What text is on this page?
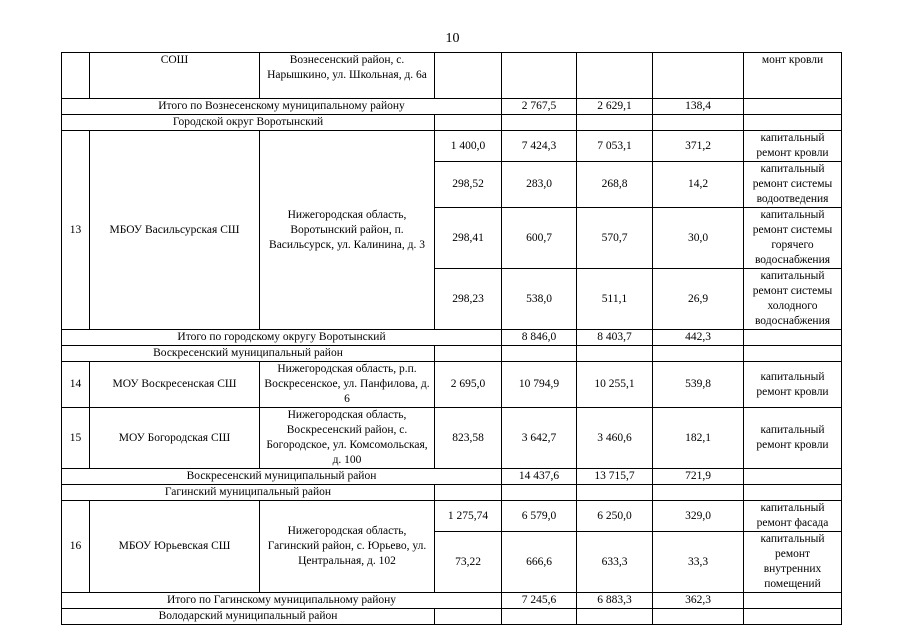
10
	СОШ	Вознесенский район, с. Нарышкино, ул. Школьная, д. 6а					монт кровли
Итого по Вознесенскому муниципальному району				2 767,5	2 629,1	138,4	
Городской округ Воротынский							
13	МБОУ Васильсурская СШ	Нижегородская область, Воротынский район, п. Васильсурск, ул. Калинина, д. 3	1 400,0	7 424,3	7 053,1	371,2	капитальный ремонт кровли
			298,52	283,0	268,8	14,2	капитальный ремонт системы водоотведения
			298,41	600,7	570,7	30,0	капитальный ремонт системы горячего водоснабжения
			298,23	538,0	511,1	26,9	капитальный ремонт системы холодного водоснабжения
Итого по городскому округу Воротынский				8 846,0	8 403,7	442,3	
Воскресенский муниципальный район							
14	МОУ Воскресенская СШ	Нижегородская область, р.п. Воскресенское, ул. Панфилова, д. 6	2 695,0	10 794,9	10 255,1	539,8	капитальный ремонт кровли
15	МОУ Богородская СШ	Нижегородская область, Воскресенский район, с. Богородское, ул. Комсомольская, д. 100	823,58	3 642,7	3 460,6	182,1	капитальный ремонт кровли
Воскресенский муниципальный район				14 437,6	13 715,7	721,9	
Гагинский муниципальный район							
16	МБОУ Юрьевская СШ	Нижегородская область, Гагинский район, с. Юрьево, ул. Центральная, д. 102	1 275,74	6 579,0	6 250,0	329,0	капитальный ремонт фасада
			73,22	666,6	633,3	33,3	капитальный ремонт внутренних помещений
Итого по Гагинскому муниципальному району				7 245,6	6 883,3	362,3	
Володарский муниципальный район							
